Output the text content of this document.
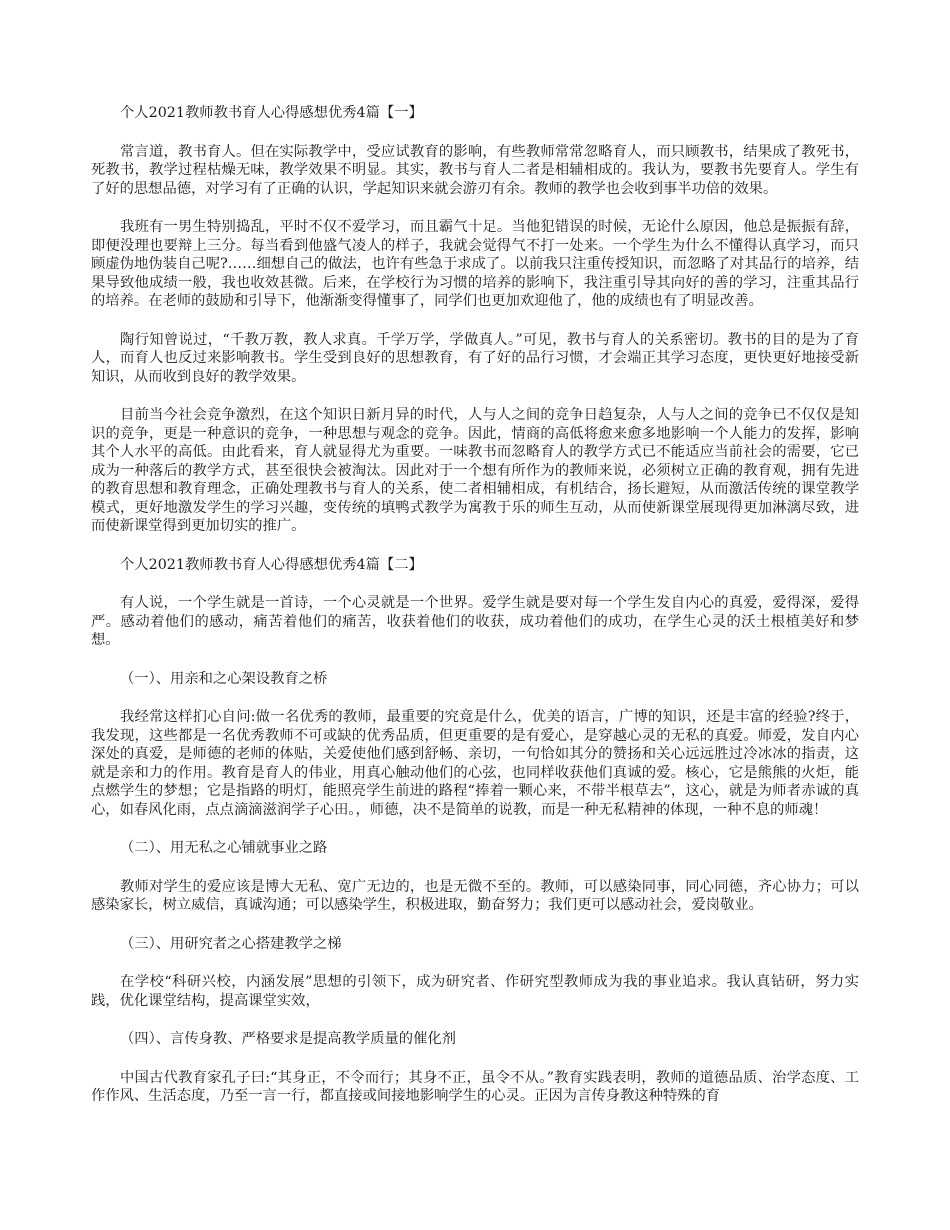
个人2021教师教书育人心得感想优秀4篇【一】

常言道，教书育人。但在实际教学中，受应试教育的影响，有些教师常常忽略育人，而只顾教书，结果成了教死书，死教书，教学过程枯燥无味，教学效果不明显。其实，教书与育人二者是相辅相成的。我认为，要教书先要育人。学生有了好的思想品德，对学习有了正确的认识，学起知识来就会游刃有余。教师的教学也会收到事半功倍的效果。

我班有一男生特别捣乱，平时不仅不爱学习，而且霸气十足。当他犯错误的时候，无论什么原因，他总是振振有辞，即便没理也要辩上三分。每当看到他盛气凌人的样子，我就会觉得气不打一处来。一个学生为什么不懂得认真学习，而只顾虚伪地伪装自己呢?……细想自己的做法，也许有些急于求成了。以前我只注重传授知识，而忽略了对其品行的培养，结果导致他成绩一般，我也收效甚微。后来，在学校行为习惯的培养的影响下，我注重引导其向好的善的学习，注重其品行的培养。在老师的鼓励和引导下，他渐渐变得懂事了，同学们也更加欢迎他了，他的成绩也有了明显改善。

陶行知曾说过，“千教万教，教人求真。千学万学，学做真人。”可见，教书与育人的关系密切。教书的目的是为了育人，而育人也反过来影响教书。学生受到良好的思想教育，有了好的品行习惯，才会端正其学习态度，更快更好地接受新知识，从而收到良好的教学效果。

目前当今社会竞争激烈，在这个知识日新月异的时代，人与人之间的竞争日趋复杂，人与人之间的竞争已不仅仅是知识的竞争，更是一种意识的竞争，一种思想与观念的竞争。因此，情商的高低将愈来愈多地影响一个人能力的发挥，影响其个人水平的高低。由此看来，育人就显得尤为重要。一味教书而忽略育人的教学方式已不能适应当前社会的需要，它已成为一种落后的教学方式，甚至很快会被淘汰。因此对于一个想有所作为的教师来说，必须树立正确的教育观，拥有先进的教育思想和教育理念，正确处理教书与育人的关系，使二者相辅相成，有机结合，扬长避短，从而激活传统的课堂教学模式，更好地激发学生的学习兴趣，变传统的填鸭式教学为寓教于乐的师生互动，从而使新课堂展现得更加淋漓尽致，进而使新课堂得到更加切实的推广。

个人2021教师教书育人心得感想优秀4篇【二】

有人说，一个学生就是一首诗，一个心灵就是一个世界。爱学生就是要对每一个学生发自内心的真爱，爱得深，爱得严。感动着他们的感动，痛苦着他们的痛苦，收获着他们的收获，成功着他们的成功，在学生心灵的沃土根植美好和梦想。

（一）、用亲和之心架设教育之桥

我经常这样扪心自问:做一名优秀的教师，最重要的究竟是什么，优美的语言，广博的知识，还是丰富的经验?终于，我发现，这些都是一名优秀教师不可或缺的优秀品质，但更重要的是有爱心，是穿越心灵的无私的真爱。师爱，发自内心深处的真爱，是师德的老师的体贴，关爱使他们感到舒畅、亲切，一句恰如其分的赞扬和关心远远胜过冷冰冰的指责，这就是亲和力的作用。教育是育人的伟业，用真心触动他们的心弦，也同样收获他们真诚的爱。核心，它是熊熊的火炬，能点燃学生的梦想；它是指路的明灯，能照亮学生前进的路程“捧着一颗心来，不带半根草去”，这心，就是为师者赤诚的真心，如春风化雨，点点滴滴滋润学子心田。，师德，决不是简单的说教，而是一种无私精神的体现，一种不息的师魂！

（二）、用无私之心铺就事业之路

教师对学生的爱应该是博大无私、宽广无边的，也是无微不至的。教师，可以感染同事，同心同德，齐心协力；可以感染家长，树立威信，真诚沟通；可以感染学生，积极进取，勤奋努力；我们更可以感动社会，爱岗敬业。

（三）、用研究者之心搭建教学之梯

在学校“科研兴校，内涵发展”思想的引领下，成为研究者、作研究型教师成为我的事业追求。我认真钻研，努力实践，优化课堂结构，提高课堂实效，

（四）、言传身教、严格要求是提高教学质量的催化剂

中国古代教育家孔子曰:“其身正，不令而行；其身不正，虽令不从。”教育实践表明，教师的道德品质、治学态度、工作作风、生活态度，乃至一言一行，都直接或间接地影响学生的心灵。正因为言传身教这种特殊的育
